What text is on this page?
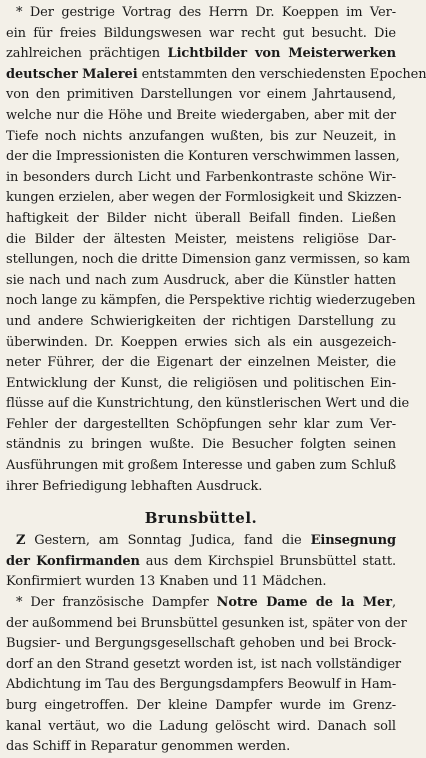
* Der gestrige Vortrag des Herrn Dr. Koeppen im Ver-
ein für freies Bildungswesen war recht gut besucht. Die
zahlreichen prächtigen Lichtbilder von Meisterwerken
deutscher Malerei entstammten den verschiedensten Epochen
von den primitiven Darstellungen vor einem Jahrtausend,
welche nur die Höhe und Breite wiedergaben, aber mit der
Tiefe noch nichts anzufangen wußten, bis zur Neuzeit, in
der die Impressionisten die Konturen verschwimmen lassen,
in besonders durch Licht und Farbenkontraste schöne Wir-
kungen erzielen, aber wegen der Formlosigkeit und Skizzen-
haftigkeit der Bilder nicht überall Beifall finden. Ließen
die Bilder der ältesten Meister, meistens religiöse Dar-
stellungen, noch die dritte Dimension ganz vermissen, so kam
sie nach und nach zum Ausdruck, aber die Künstler hatten
noch lange zu kämpfen, die Perspektive richtig wiederzugeben
und andere Schwierigkeiten der richtigen Darstellung zu
überwinden. Dr. Koeppen erwies sich als ein ausgezeich-
neter Führer, der die Eigenart der einzelnen Meister, die
Entwicklung der Kunst, die religiösen und politischen Ein-
flüsse auf die Kunstrichtung, den künstlerischen Wert und die
Fehler der dargestellten Schöpfungen sehr klar zum Ver-
ständnis zu bringen wußte. Die Besucher folgten seinen
Ausführungen mit großem Interesse und gaben zum Schluß
ihrer Befriedigung lebhaften Ausdruck.
Brunsbüttel.
Z Gestern, am Sonntag Judica, fand die Einsegnung
der Konfirmanden aus dem Kirchspiel Brunsbüttel statt.
Konfirmiert wurden 13 Knaben und 11 Mädchen.
* Der französische Dampfer Notre Dame de la Mer,
der außommend bei Brunsbüttel gesunken ist, später von der
Bugsier- und Bergungsgesellschaft gehoben und bei Brock-
dorf an den Strand gesetzt worden ist, ist nach vollständiger
Abdichtung im Tau des Bergungsdampfers Beowulf in Ham-
burg eingetroffen. Der kleine Dampfer wurde im Grenz-
kanal vertäut, wo die Ladung gelöscht wird. Danach soll
das Schiff in Reparatur genommen werden.
